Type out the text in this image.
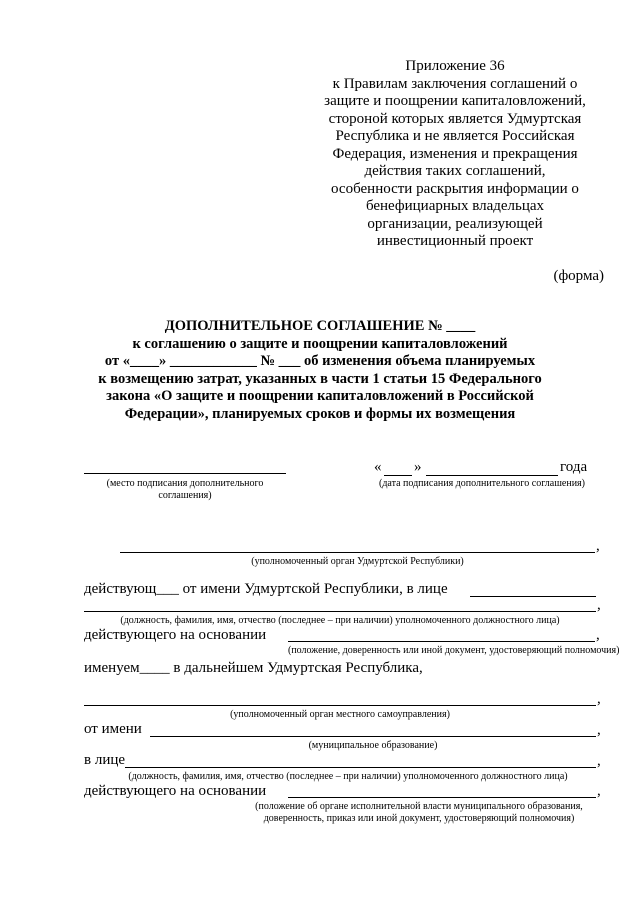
Приложение 36
к Правилам заключения соглашений о
защите и поощрении капиталовложений,
стороной которых является Удмуртская
Республика и не является Российская
Федерация, изменения и прекращения
действия таких соглашений,
особенности раскрытия информации о
бенефициарных владельцах
организации, реализующей
инвестиционный проект
(форма)
ДОПОЛНИТЕЛЬНОЕ СОГЛАШЕНИЕ № ____
к соглашению о защите и поощрении капиталовложений
от «____» ____________ № ___ об изменения объема планируемых
к возмещению затрат, указанных в части 1 статьи 15 Федерального
закона «О защите и поощрении капиталовложений в Российской
Федерации», планируемых сроков и формы их возмещения
(место подписания дополнительного
соглашения)
« »	года
(дата подписания дополнительного соглашения)
,
(уполномоченный орган Удмуртской Республики)
действующ___ от имени Удмуртской Республики, в лице
,
(должность, фамилия, имя, отчество (последнее – при наличии) уполномоченного должностного лица)
действующего на основании	,
(положение, доверенность или иной документ, удостоверяющий полномочия)
именуем____ в дальнейшем Удмуртская Республика,
,
(уполномоченный орган местного самоуправления)
от имени	,
(муниципальное образование)
в лице	,
(должность, фамилия, имя, отчество (последнее – при наличии) уполномоченного должностного лица)
действующего на основании	,
(положение об органе исполнительной власти муниципального образования,
доверенность, приказ или иной документ, удостоверяющий полномочия)
